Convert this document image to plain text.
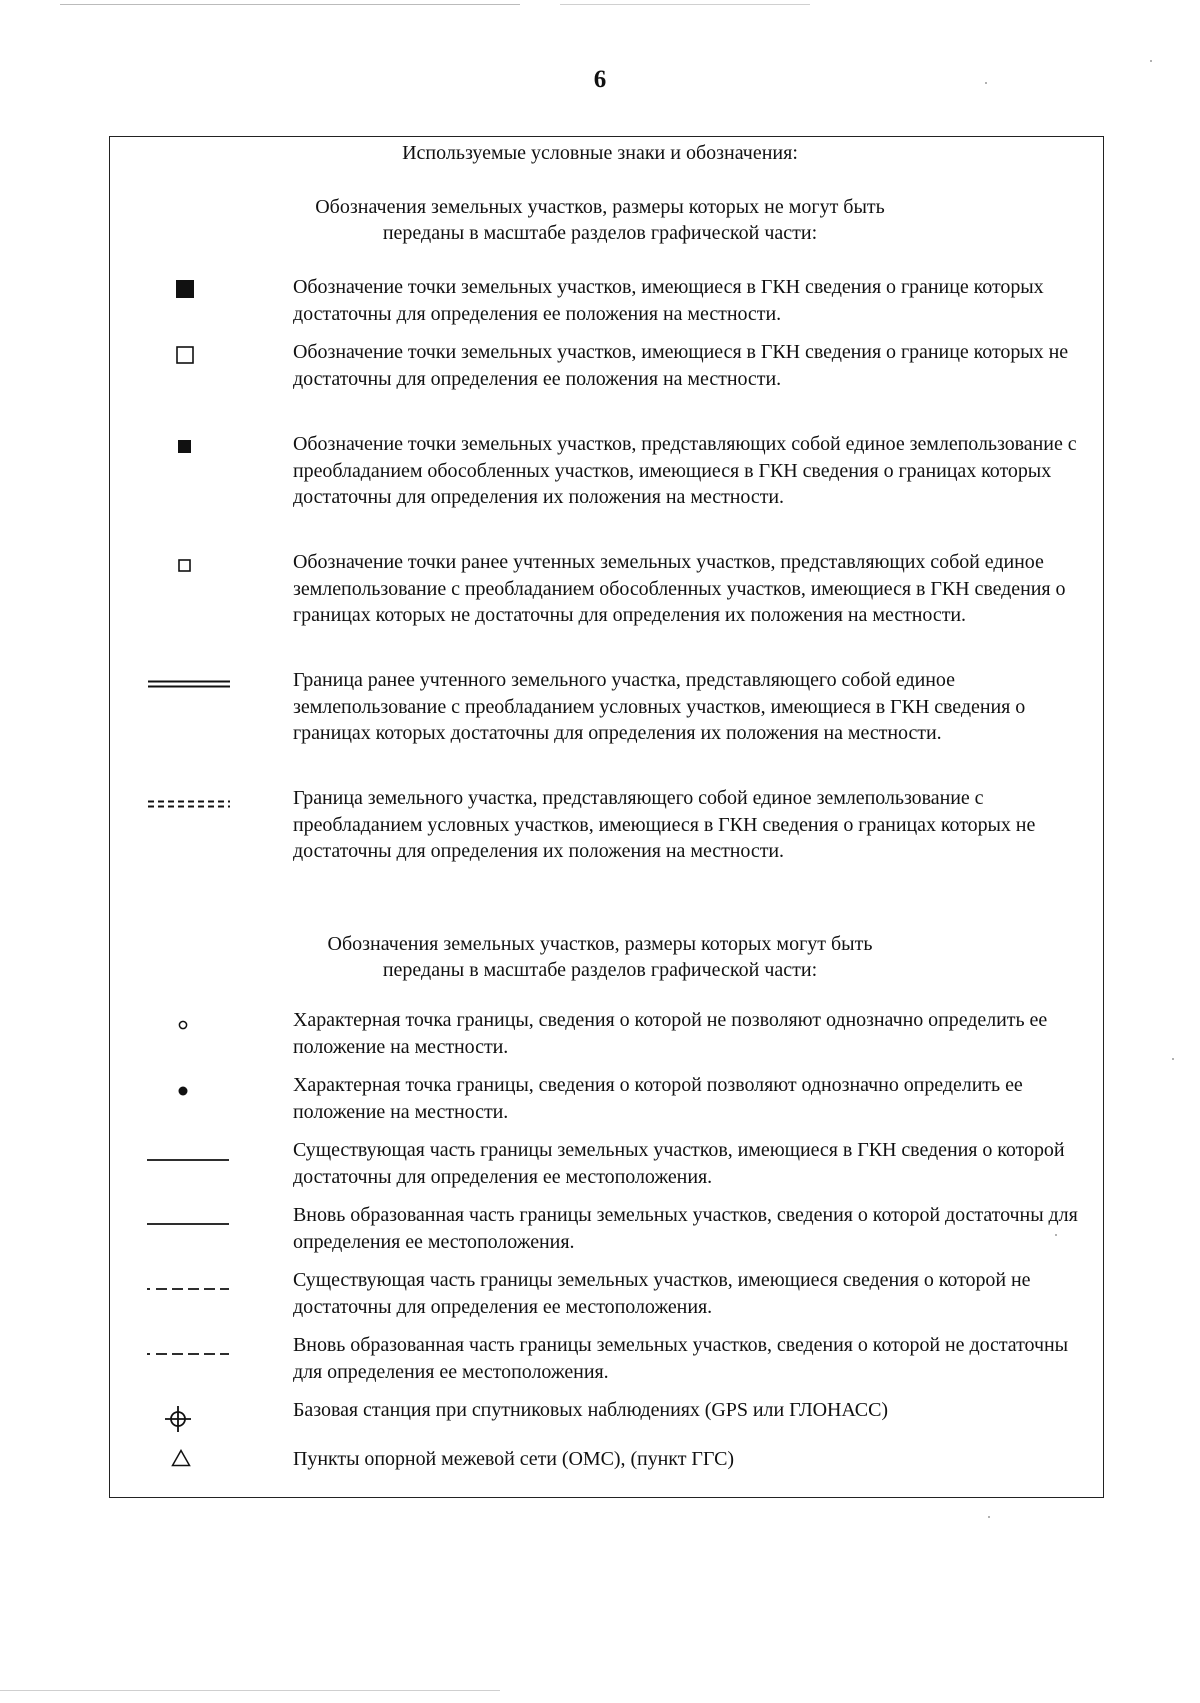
6
Используемые условные знаки и обозначения:
Обозначения земельных участков, размеры которых не могут быть
переданы в масштабе разделов графической части:
Обозначение точки земельных участков, имеющиеся в ГКН сведения о границе которых достаточны для определения ее положения на местности.
Обозначение точки земельных участков, имеющиеся в ГКН сведения о границе которых не достаточны для определения ее положения на местности.
Обозначение точки земельных участков, представляющих собой единое землепользование с преобладанием обособленных участков, имеющиеся в ГКН сведения о границах которых достаточны для определения их положения на местности.
Обозначение точки ранее учтенных земельных участков, представляющих собой единое землепользование с преобладанием обособленных участков, имеющиеся в ГКН сведения о границах которых не достаточны для определения их положения на местности.
Граница ранее учтенного земельного участка, представляющего собой единое землепользование с преобладанием условных участков, имеющиеся в ГКН сведения о границах которых достаточны для определения их положения на местности.
Граница земельного участка, представляющего собой единое землепользование с преобладанием условных участков, имеющиеся в ГКН сведения о границах которых не достаточны для определения их положения на местности.
Обозначения земельных участков, размеры которых могут быть
переданы в масштабе разделов графической части:
Характерная точка границы, сведения о которой не позволяют однозначно определить ее положение на местности.
Характерная точка границы, сведения о которой позволяют однозначно определить ее положение на местности.
Существующая часть границы земельных участков, имеющиеся в ГКН сведения о которой достаточны для определения ее местоположения.
Вновь образованная часть границы земельных участков, сведения о которой достаточны для определения ее местоположения.
Существующая часть границы земельных участков, имеющиеся сведения о которой не достаточны для определения ее местоположения.
Вновь образованная часть границы земельных участков, сведения о которой не достаточны для определения ее местоположения.
Базовая станция при спутниковых наблюдениях (GPS или ГЛОНАСС)
Пункты опорной межевой сети (ОМС), (пункт ГГС)
